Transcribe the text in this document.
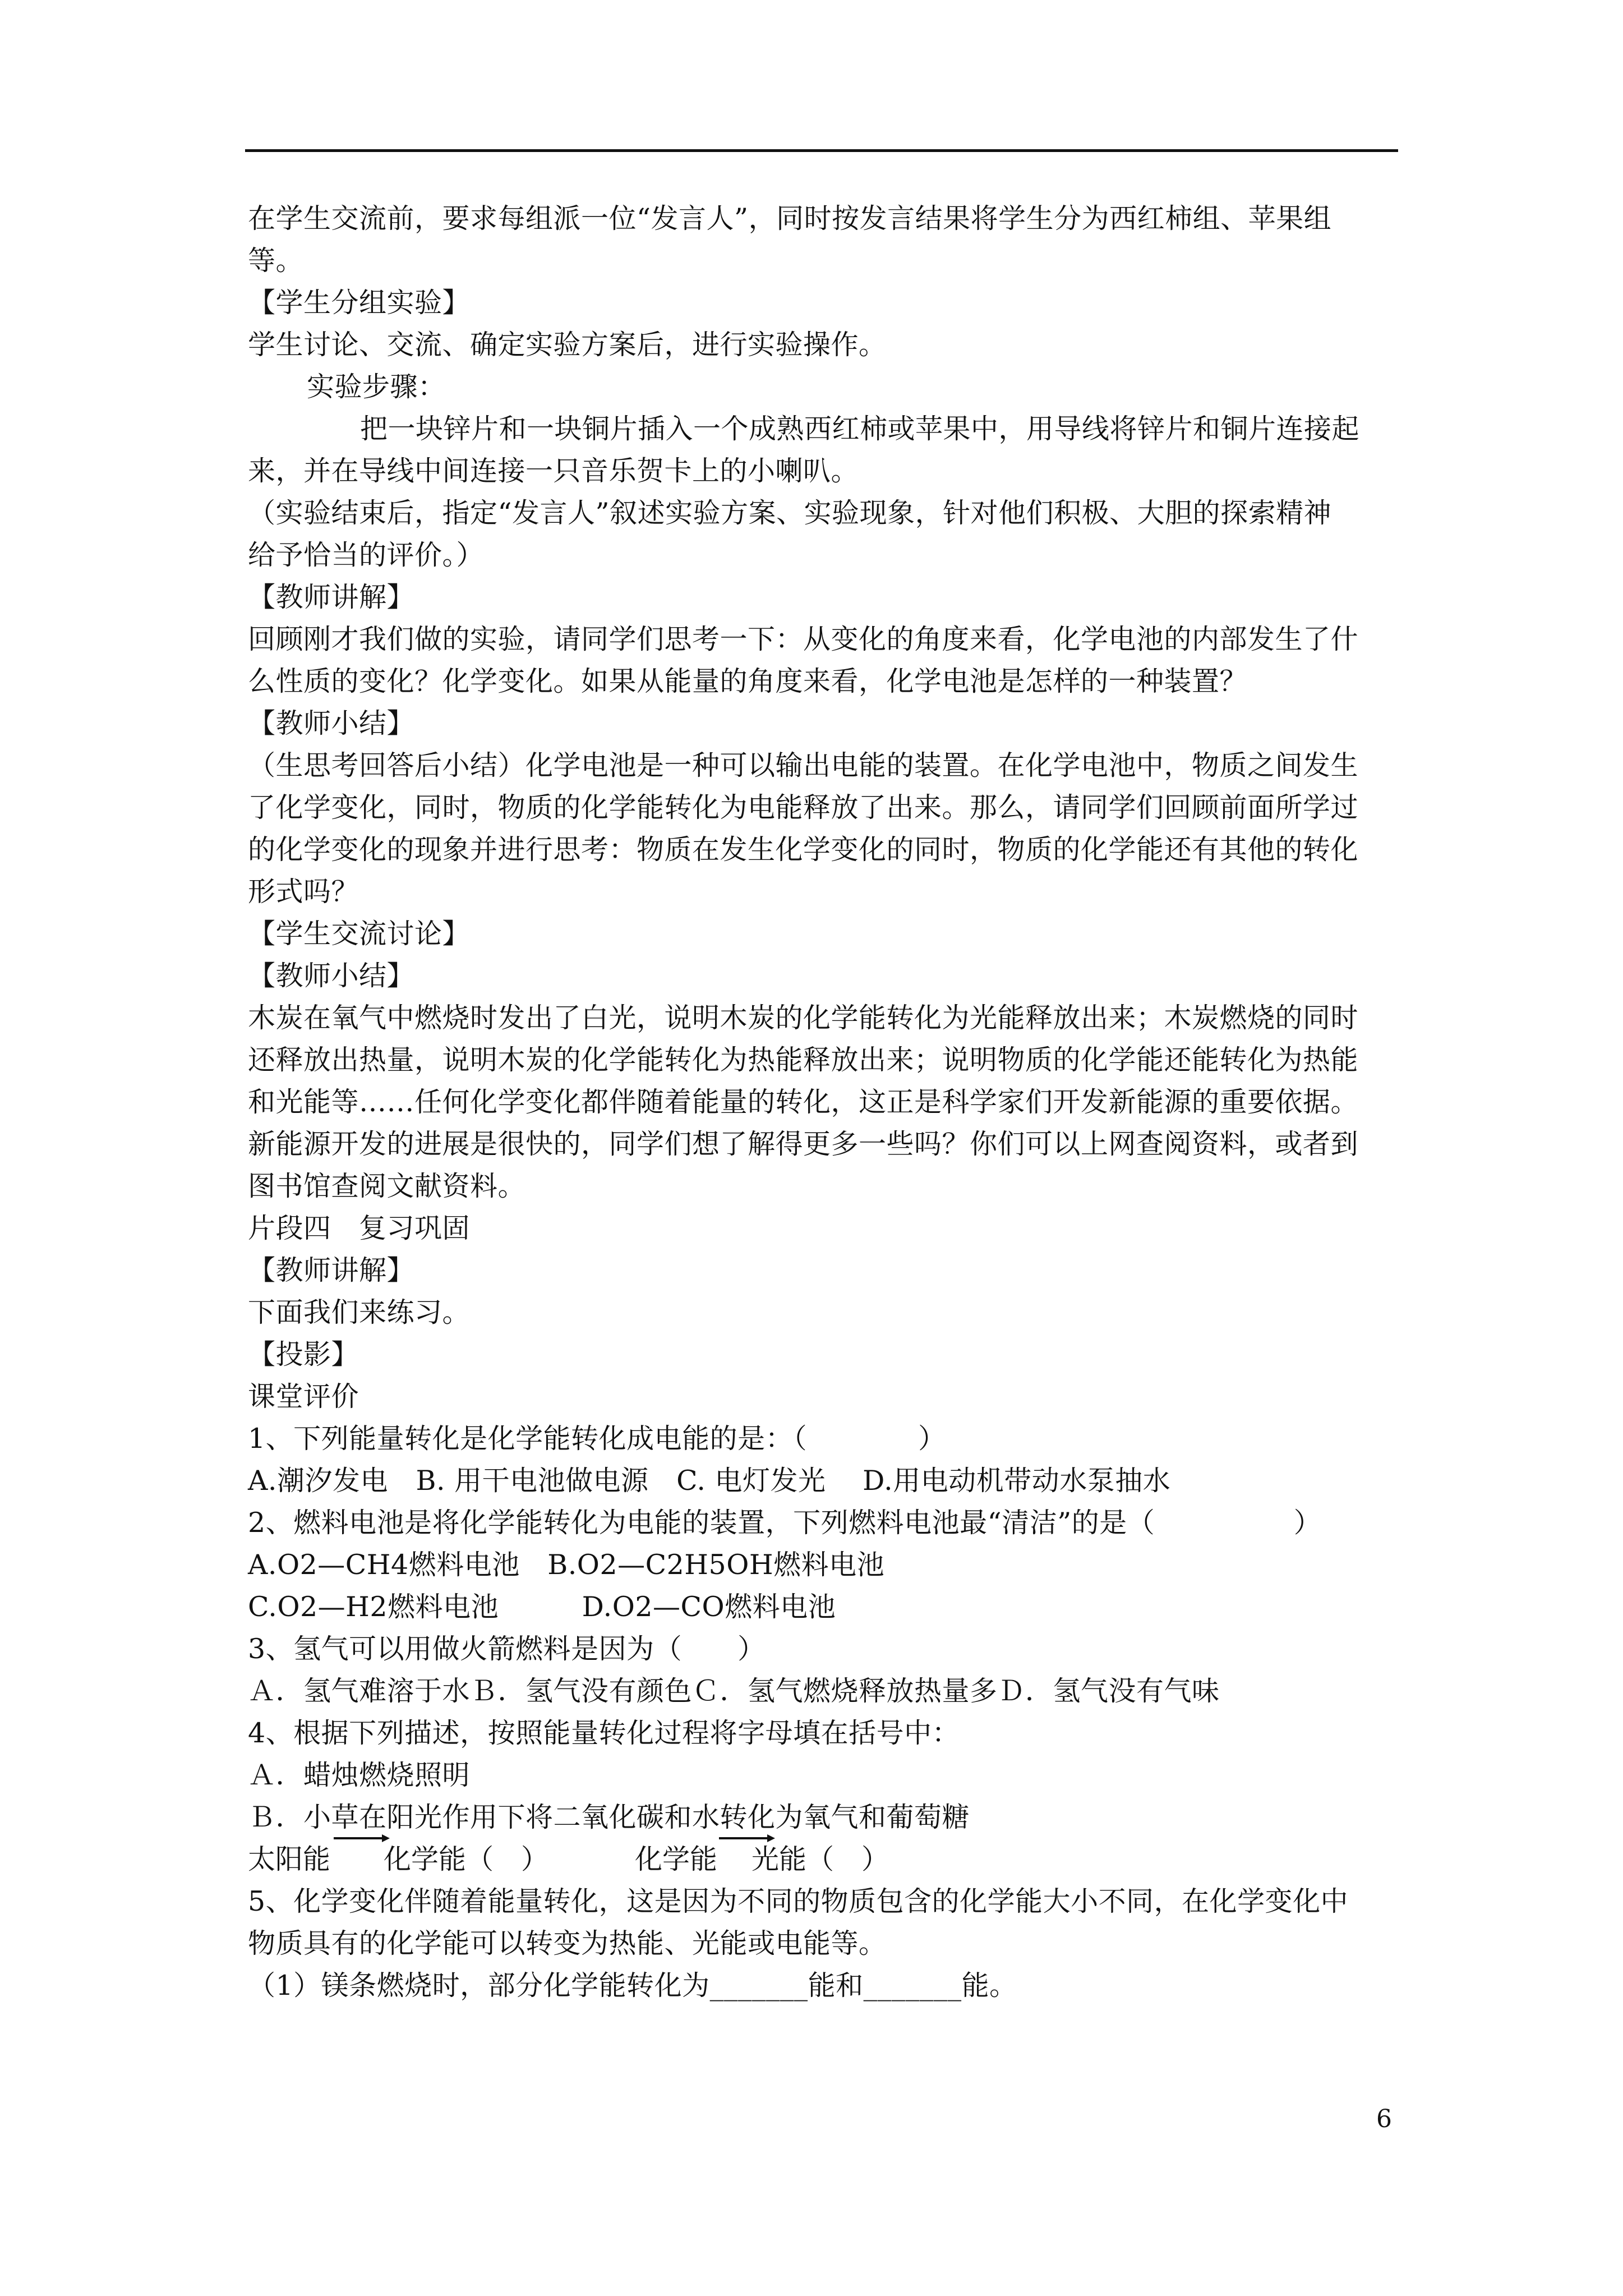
在学生交流前，要求每组派一位“发言人”，同时按发言结果将学生分为西红柿组、苹果组
等。
【学生分组实验】
学生讨论、交流、确定实验方案后，进行实验操作。
实验步骤：
把一块锌片和一块铜片插入一个成熟西红柿或苹果中，用导线将锌片和铜片连接起
来，并在导线中间连接一只音乐贺卡上的小喇叭。
（实验结束后，指定“发言人”叙述实验方案、实验现象，针对他们积极、大胆的探索精神
给予恰当的评价。）
【教师讲解】
回顾刚才我们做的实验，请同学们思考一下：从变化的角度来看，化学电池的内部发生了什
么性质的变化？化学变化。如果从能量的角度来看，化学电池是怎样的一种装置？
【教师小结】
（生思考回答后小结）化学电池是一种可以输出电能的装置。在化学电池中，物质之间发生
了化学变化，同时，物质的化学能转化为电能释放了出来。那么，请同学们回顾前面所学过
的化学变化的现象并进行思考：物质在发生化学变化的同时，物质的化学能还有其他的转化
形式吗？
【学生交流讨论】
【教师小结】
木炭在氧气中燃烧时发出了白光，说明木炭的化学能转化为光能释放出来；木炭燃烧的同时
还释放出热量，说明木炭的化学能转化为热能释放出来；说明物质的化学能还能转化为热能
和光能等……任何化学变化都伴随着能量的转化，这正是科学家们开发新能源的重要依据。
新能源开发的进展是很快的，同学们想了解得更多一些吗？你们可以上网查阅资料，或者到
图书馆查阅文献资料。
片段四　复习巩固
【教师讲解】
下面我们来练习。
【投影】
课堂评价
1、下列能量转化是化学能转化成电能的是：（　　　　）
A.潮汐发电　B. 用干电池做电源　C. 电灯发光　 D.用电动机带动水泵抽水
2、燃料电池是将化学能转化为电能的装置，下列燃料电池最“清洁”的是（　　　　　）
A.O2—CH4燃料电池　B.O2—C2H5OH燃料电池
C.O2—H2燃料电池　　　D.O2—CO燃料电池
3、氢气可以用做火箭燃料是因为（　　）
Ａ．氢气难溶于水Ｂ．氢气没有颜色Ｃ．氢气燃烧释放热量多Ｄ．氢气没有气味
4、根据下列描述，按照能量转化过程将字母填在括号中：
Ａ．蜡烛燃烧照明
Ｂ．小草在阳光作用下将二氧化碳和水转化为氧气和葡萄糖
太阳能 化学能（　）	化学能 光能（　）
5、化学变化伴随着能量转化，这是因为不同的物质包含的化学能大小不同，在化学变化中
物质具有的化学能可以转变为热能、光能或电能等。
（1）镁条燃烧时，部分化学能转化为_______能和_______能。
6
